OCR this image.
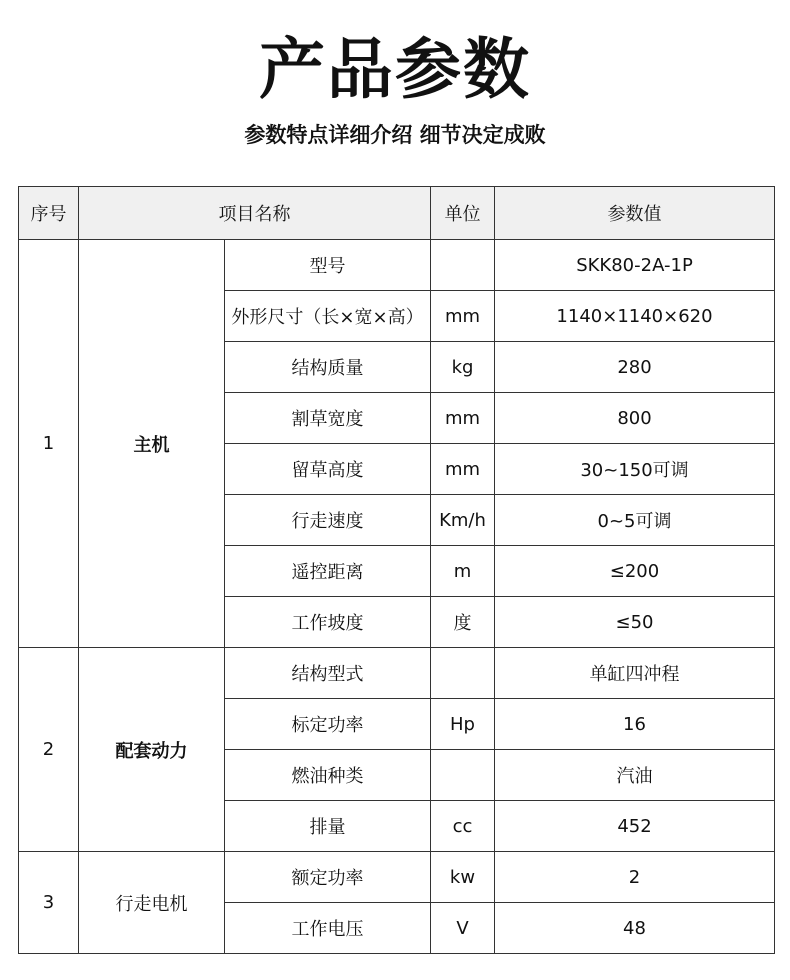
产品参数
参数特点详细介绍 细节决定成败
序号	项目名称		单位	参数值
1	主机	型号		SKK80-2A-1P
		外形尺寸（长×宽×高）	mm	1140×1140×620
		结构质量	kg	280
		割草宽度	mm	800
		留草高度	mm	30~150可调
		行走速度	Km/h	0~5可调
		遥控距离	m	≤200
		工作坡度	度	≤50
2	配套动力	结构型式		单缸四冲程
		标定功率	Hp	16
		燃油种类		汽油
		排量	cc	452
3	行走电机	额定功率	kw	2
		工作电压	V	48
